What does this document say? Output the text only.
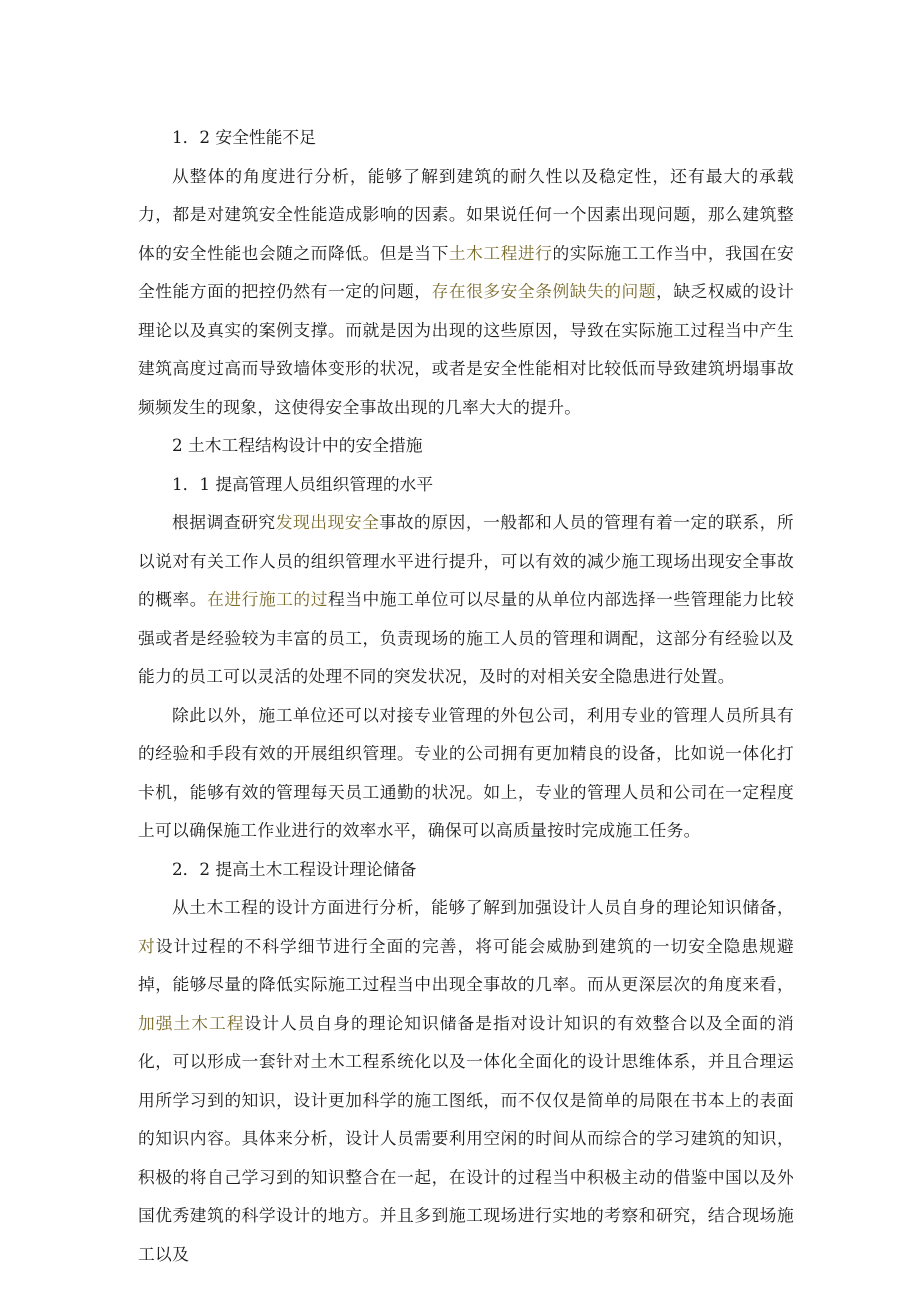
1．2 安全性能不足

从整体的角度进行分析，能够了解到建筑的耐久性以及稳定性，还有最大的承载力，都是对建筑安全性能造成影响的因素。如果说任何一个因素出现问题，那么建筑整体的安全性能也会随之而降低。但是当下土木工程进行的实际施工工作当中，我国在安全性能方面的把控仍然有一定的问题，存在很多安全条例缺失的问题，缺乏权威的设计理论以及真实的案例支撑。而就是因为出现的这些原因，导致在实际施工过程当中产生建筑高度过高而导致墙体变形的状况，或者是安全性能相对比较低而导致建筑坍塌事故频频发生的现象，这使得安全事故出现的几率大大的提升。

2 土木工程结构设计中的安全措施
1．1 提高管理人员组织管理的水平

根据调查研究发现出现安全事故的原因，一般都和人员的管理有着一定的联系，所以说对有关工作人员的组织管理水平进行提升，可以有效的减少施工现场出现安全事故的概率。在进行施工的过程当中施工单位可以尽量的从单位内部选择一些管理能力比较强或者是经验较为丰富的员工，负责现场的施工人员的管理和调配，这部分有经验以及能力的员工可以灵活的处理不同的突发状况，及时的对相关安全隐患进行处置。

除此以外，施工单位还可以对接专业管理的外包公司，利用专业的管理人员所具有的经验和手段有效的开展组织管理。专业的公司拥有更加精良的设备，比如说一体化打卡机，能够有效的管理每天员工通勤的状况。如上，专业的管理人员和公司在一定程度上可以确保施工作业进行的效率水平，确保可以高质量按时完成施工任务。

2．2 提高土木工程设计理论储备

从土木工程的设计方面进行分析，能够了解到加强设计人员自身的理论知识储备，对设计过程的不科学细节进行全面的完善，将可能会威胁到建筑的一切安全隐患规避掉，能够尽量的降低实际施工过程当中出现全事故的几率。而从更深层次的角度来看，加强土木工程设计人员自身的理论知识储备是指对设计知识的有效整合以及全面的消化，可以形成一套针对土木工程系统化以及一体化全面化的设计思维体系，并且合理运用所学习到的知识，设计更加科学的施工图纸，而不仅仅是简单的局限在书本上的表面的知识内容。具体来分析，设计人员需要利用空闲的时间从而综合的学习建筑的知识，积极的将自己学习到的知识整合在一起，在设计的过程当中积极主动的借鉴中国以及外国优秀建筑的科学设计的地方。并且多到施工现场进行实地的考察和研究，结合现场施工以及
